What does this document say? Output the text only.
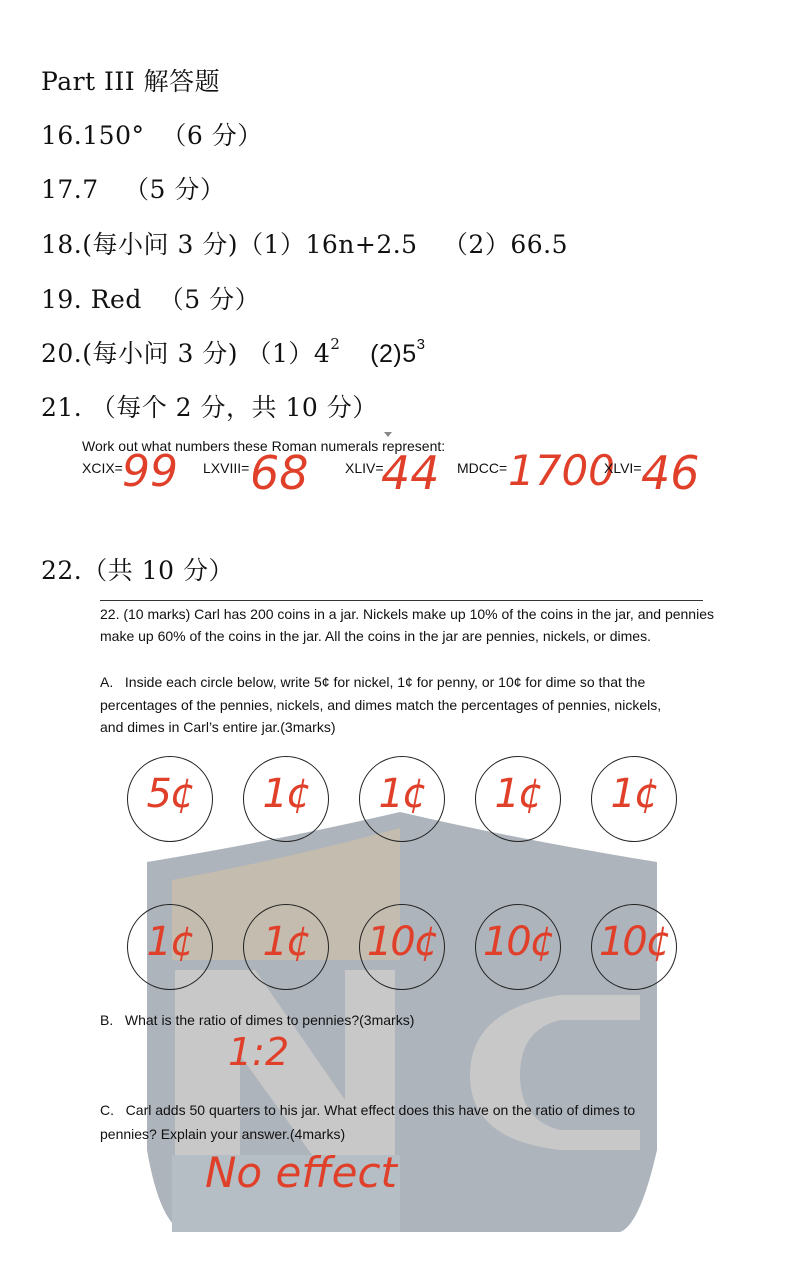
Part III 解答题
16.150°  （6 分）
17.7   （5 分）
18.(每小问 3 分)（1）16n+2.5   （2）66.5
19. Red  （5 分）
20.(每小问 3 分) $(1)4^2$    $(2)5^3$
21. （每个 2 分，共 10 分）
Work out what numbers these Roman numerals represent:
XCIX= 99 LXVIII= 68	XLIV=
44 MDCC= 1700
XLVI= 46
22.（共 10 分）
22. (10 marks) Carl has 200 coins in a jar. Nickels make up 10% of the coins in the jar, and pennies
make up 60% of the coins in the jar. All the coins in the jar are pennies, nickels, or dimes.
A.   Inside each circle below, write 5¢ for nickel, 1¢ for penny, or 10¢ for dime so that the
percentages of the pennies, nickels, and dimes match the percentages of pennies, nickels,
and dimes in Carl’s entire jar.(3marks)
5¢	1¢	1¢	1¢	1¢
1¢	1¢	10¢ 10¢ 10¢
B.   What is the ratio of dimes to pennies?(3marks)
1:2
C.   Carl adds 50 quarters to his jar. What effect does this have on the ratio of dimes to
pennies? Explain your answer.(4marks)
No effect
